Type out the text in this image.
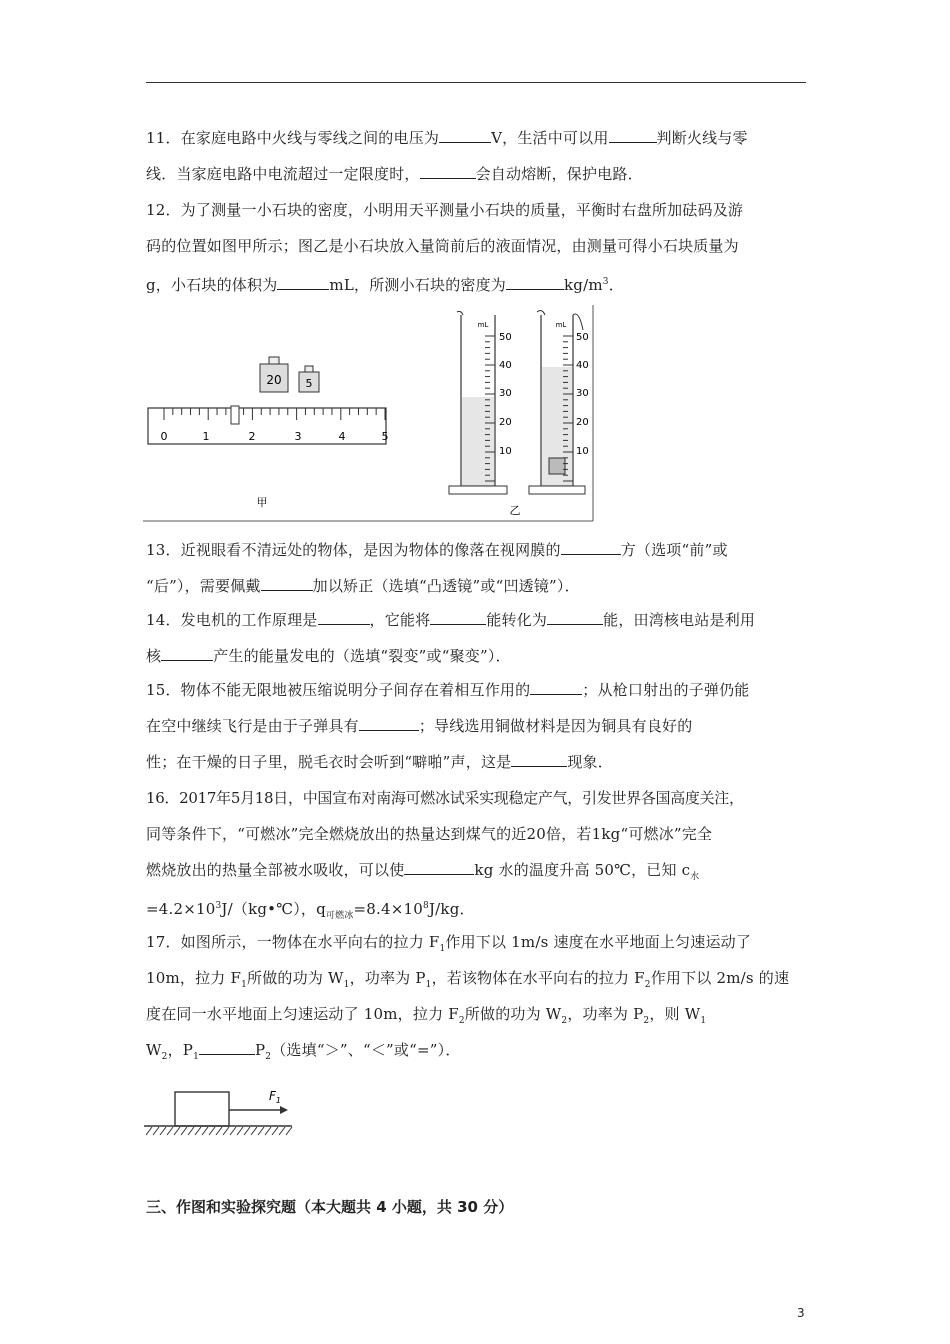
11．在家庭电路中火线与零线之间的电压为	V，生活中可以用	判断火线与零
线．当家庭电路中电流超过一定限度时，	会自动熔断，保护电路．
12．为了测量一小石块的密度，小明用天平测量小石块的质量，平衡时右盘所加砝码及游
码的位置如图甲所示；图乙是小石块放入量筒前后的液面情况，由测量可得小石块质量为
g，小石块的体积为	mL，所测小石块的密度为	$kg/m^3$．
20 5
0	1	2	3	4	5
甲
mL
50
40
30
20
10
mL
50
40
30
20
10
乙
13．近视眼看不清远处的物体，是因为物体的像落在视网膜的	方（选项“前”或
“后”），需要佩戴	加以矫正（选填“凸透镜”或“凹透镜”）．
14．发电机的工作原理是	，它能将	能转化为	能，田湾核电站是利用
核	产生的能量发电的（选填“裂变”或“聚变”）．
15．物体不能无限地被压缩说明分子间存在着相互作用的	；从枪口射出的子弹仍能
在空中继续飞行是由于子弹具有	；导线选用铜做材料是因为铜具有良好的
性；在干燥的日子里，脱毛衣时会听到“噼啪”声，这是	现象．
16．2017年5月18日，中国宣布对南海可燃冰试采实现稳定产气，引发世界各国高度关注，
同等条件下，“可燃冰”完全燃烧放出的热量达到煤气的近20倍，若1kg“可燃冰”完全
燃烧放出的热量全部被水吸收，可以使	kg 水的温度升高 50℃，已知 $c_水$
$=4.2\times 10^3J/(kg•℃)$，$q_{可燃冰}=8.4\times 10^8J/kg$．
17．如图所示，一物体在水平向右的拉力 $F_1$作用下以 1m/s 速度在水平地面上匀速运动了
10m，拉力 $F_1$所做的功为 $W_1$，功率为 $P_1$，若该物体在水平向右的拉力 $F_2$作用下以 2m/s 的速
度在同一水平地面上匀速运动了 10m，拉力 $F_2$所做的功为 $W_2$，功率为 $P_2$，则 $W_1$
$W_2$，$P_1$	$P_2$（选填“＞”、“＜”或“=”）．
$F_1$
三、作图和实验探究题（本大题共 4 小题，共 30 分）
3
